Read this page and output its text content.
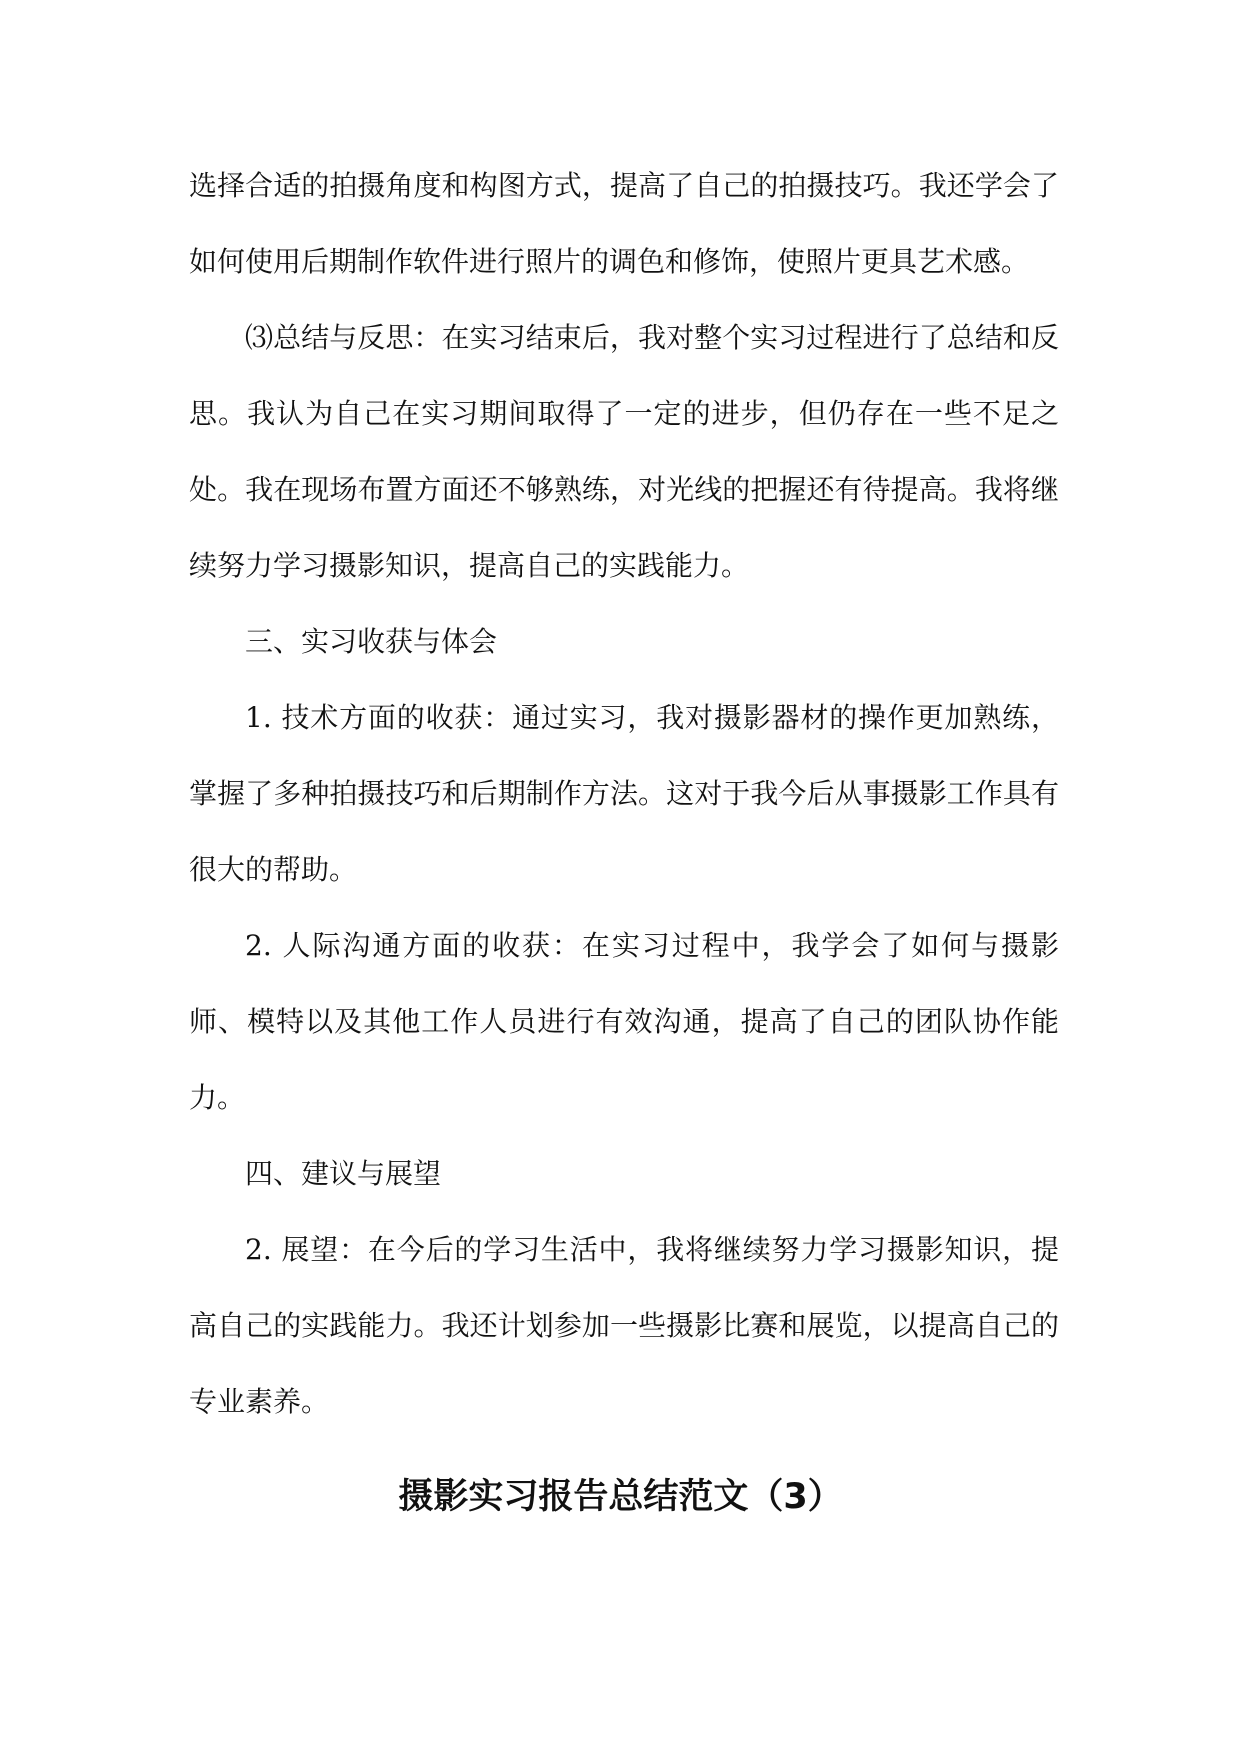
选择合适的拍摄角度和构图方式，提高了自己的拍摄技巧。我还学会了如何使用后期制作软件进行照片的调色和修饰，使照片更具艺术感。

⑶总结与反思：在实习结束后，我对整个实习过程进行了总结和反思。我认为自己在实习期间取得了一定的进步，但仍存在一些不足之处。我在现场布置方面还不够熟练，对光线的把握还有待提高。我将继续努力学习摄影知识，提高自己的实践能力。

三、实习收获与体会

1. 技术方面的收获：通过实习，我对摄影器材的操作更加熟练，掌握了多种拍摄技巧和后期制作方法。这对于我今后从事摄影工作具有很大的帮助。

2. 人际沟通方面的收获：在实习过程中，我学会了如何与摄影师、模特以及其他工作人员进行有效沟通，提高了自己的团队协作能力。

四、建议与展望

2. 展望：在今后的学习生活中，我将继续努力学习摄影知识，提高自己的实践能力。我还计划参加一些摄影比赛和展览，以提高自己的专业素养。

摄影实习报告总结范文（3）
